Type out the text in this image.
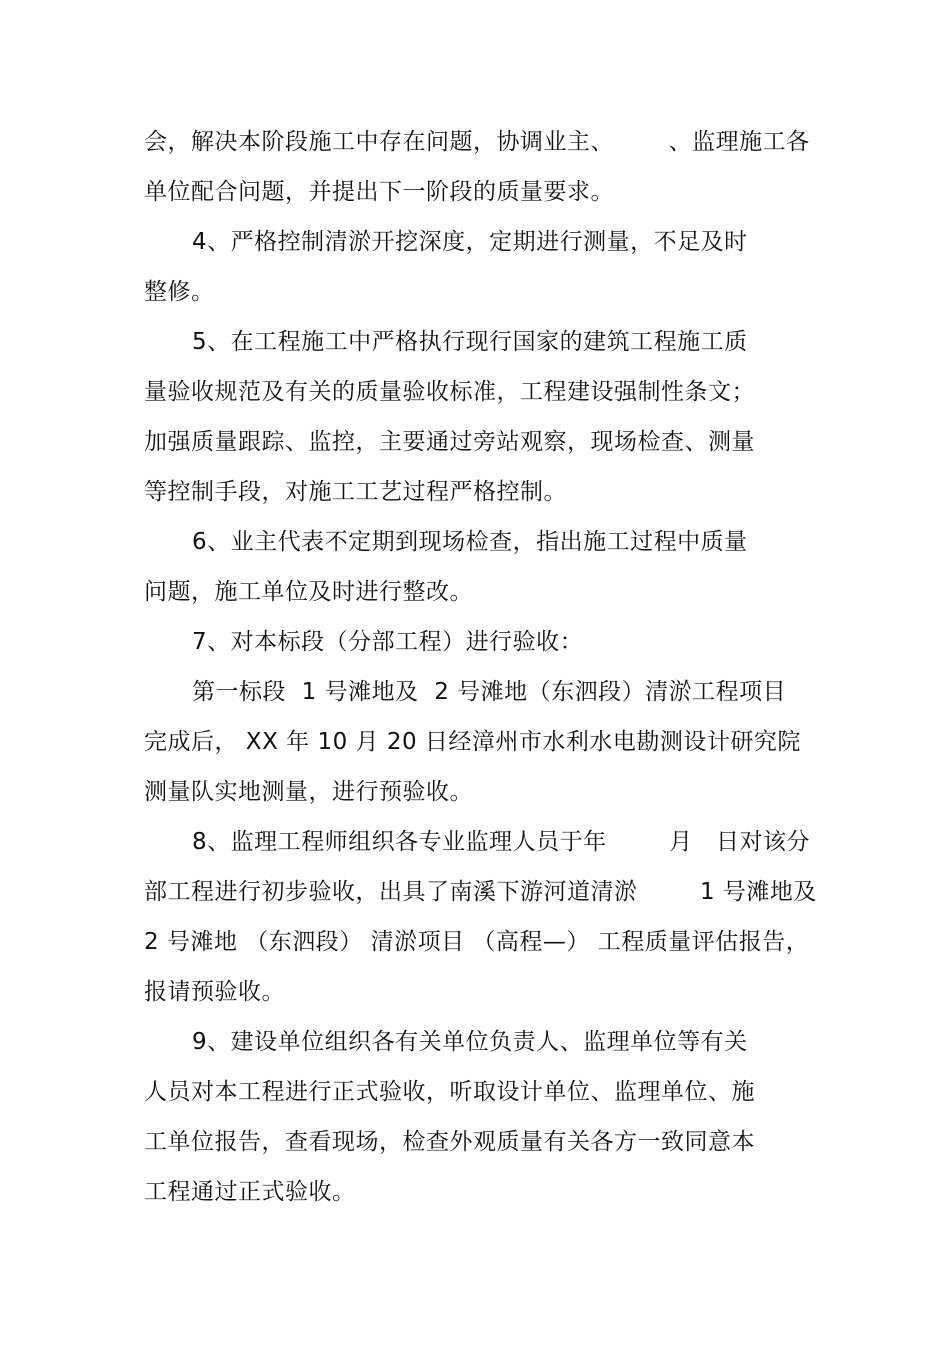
会，解决本阶段施工中存在问题，协调业主、       、监理施工各
单位配合问题，并提出下一阶段的质量要求。
4、严格控制清淤开挖深度，定期进行测量，不足及时
整修。
5、在工程施工中严格执行现行国家的建筑工程施工质
量验收规范及有关的质量验收标准，工程建设强制性条文；
加强质量跟踪、监控，主要通过旁站观察，现场检查、测量
等控制手段，对施工工艺过程严格控制。
6、业主代表不定期到现场检查，指出施工过程中质量
问题，施工单位及时进行整改。
7、对本标段（分部工程）进行验收：
第一标段  1 号滩地及  2 号滩地（东泗段）清淤工程项目
完成后， XX 年 10 月 20 日经漳州市水利水电勘测设计研究院
测量队实地测量，进行预验收。
8、监理工程师组织各专业监理人员于年        月   日对该分
部工程进行初步验收，出具了南溪下游河道清淤        1 号滩地及
2 号滩地 （东泗段） 清淤项目 （高程—） 工程质量评估报告，
报请预验收。
9、建设单位组织各有关单位负责人、监理单位等有关
人员对本工程进行正式验收，听取设计单位、监理单位、施
工单位报告，查看现场，检查外观质量有关各方一致同意本
工程通过正式验收。
